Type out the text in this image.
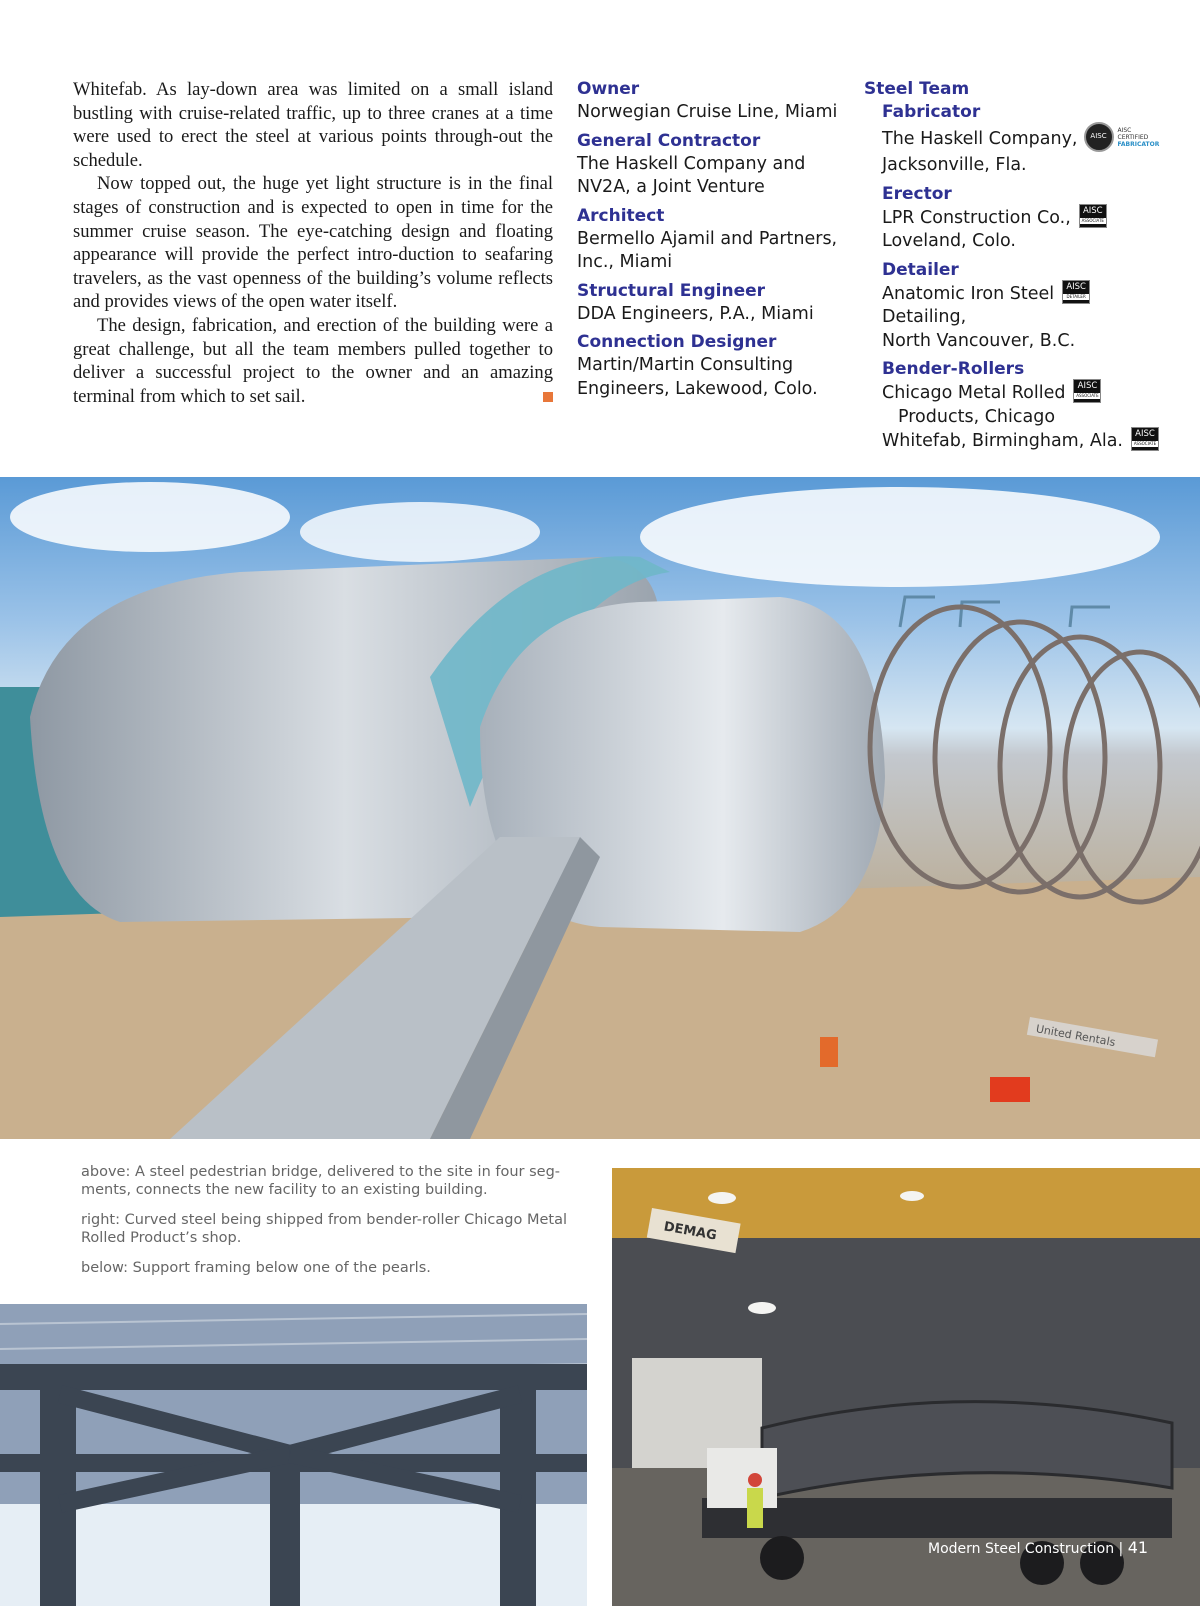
Whitefab. As lay-down area was limited on a small island bustling with cruise-related traffic, up to three cranes at a time were used to erect the steel at various points through-out the schedule.

Now topped out, the huge yet light structure is in the final stages of construction and is expected to open in time for the summer cruise season. The eye-catching design and floating appearance will provide the perfect intro-duction to seafaring travelers, as the vast openness of the building’s volume reflects and provides views of the open water itself.

The design, fabrication, and erection of the building were a great challenge, but all the team members pulled together to deliver a successful project to the owner and an amazing terminal from which to set sail.

Owner
Norwegian Cruise Line, Miami
General Contractor
The Haskell Company and NV2A, a Joint Venture
Architect
Bermello Ajamil and Partners, Inc., Miami
Structural Engineer
DDA Engineers, P.A., Miami
Connection Designer
Martin/Martin Consulting Engineers, Lakewood, Colo.
Steel Team
Fabricator
The Haskell Company,	AISC
AISC
CERTIFIED
FABRICATOR
Jacksonville, Fla.
Erector
LPR Construction Co., AISC
ASSOCIATE
Loveland, Colo.
Detailer
Anatomic Iron Steel AISC
DETAILER
Detailing,
North Vancouver, B.C.
Bender-Rollers
Chicago Metal Rolled AISC
ASSOCIATE
Products, Chicago
Whitefab, Birmingham, Ala. AISC
ASSOCIATE
United Rentals

above: A steel pedestrian bridge, delivered to the site in four seg-ments, connects the new facility to an existing building.

right: Curved steel being shipped from bender-roller Chicago Metal Rolled Product’s shop.

below: Support framing below one of the pearls.

DEMAG
Modern Steel Construction | 41
